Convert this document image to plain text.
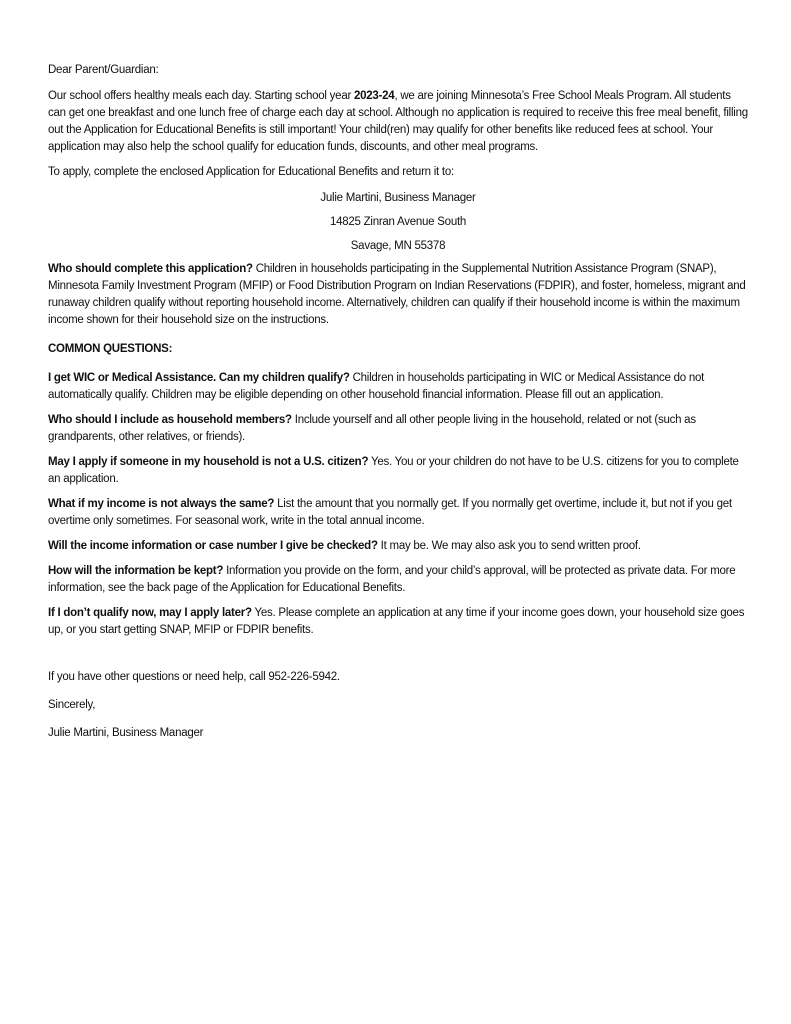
Dear Parent/Guardian:

Our school offers healthy meals each day. Starting school year 2023-24, we are joining Minnesota’s Free School Meals Program. All students can get one breakfast and one lunch free of charge each day at school. Although no application is required to receive this free meal benefit, filling out the Application for Educational Benefits is still important! Your child(ren) may qualify for other benefits like reduced fees at school. Your application may also help the school qualify for education funds, discounts, and other meal programs.

To apply, complete the enclosed Application for Educational Benefits and return it to:

Julie Martini, Business Manager

14825 Zinran Avenue South

Savage, MN 55378

Who should complete this application? Children in households participating in the Supplemental Nutrition Assistance Program (SNAP), Minnesota Family Investment Program (MFIP) or Food Distribution Program on Indian Reservations (FDPIR), and foster, homeless, migrant and runaway children qualify without reporting household income. Alternatively, children can qualify if their household income is within the maximum income shown for their household size on the instructions.

COMMON QUESTIONS:

I get WIC or Medical Assistance. Can my children qualify? Children in households participating in WIC or Medical Assistance do not automatically qualify. Children may be eligible depending on other household financial information. Please fill out an application.

Who should I include as household members? Include yourself and all other people living in the household, related or not (such as grandparents, other relatives, or friends).

May I apply if someone in my household is not a U.S. citizen? Yes. You or your children do not have to be U.S. citizens for you to complete an application.

What if my income is not always the same? List the amount that you normally get. If you normally get overtime, include it, but not if you get overtime only sometimes. For seasonal work, write in the total annual income.

Will the income information or case number I give be checked? It may be. We may also ask you to send written proof.

How will the information be kept? Information you provide on the form, and your child’s approval, will be protected as private data. For more information, see the back page of the Application for Educational Benefits.

If I don’t qualify now, may I apply later? Yes. Please complete an application at any time if your income goes down, your household size goes up, or you start getting SNAP, MFIP or FDPIR benefits.

If you have other questions or need help, call 952-226-5942.

Sincerely,

Julie Martini, Business Manager
